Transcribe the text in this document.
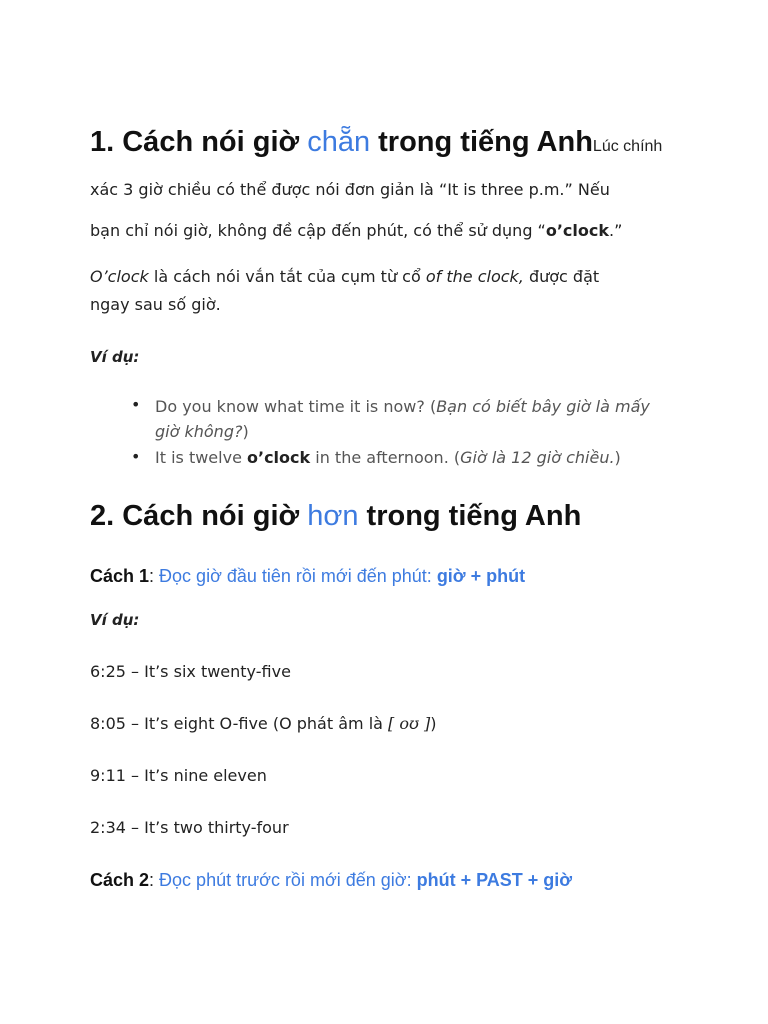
1. Cách nói giờ chẵn trong tiếng AnhLúc chính
xác 3 giờ chiều có thể được nói đơn giản là “It is three p.m.” Nếu
bạn chỉ nói giờ, không đề cập đến phút, có thể sử dụng “o’clock.”
O’clock là cách nói vắn tắt của cụm từ cổ of the clock, được đặt
ngay sau số giờ.
Ví dụ:
• Do you know what time it is now? (Bạn có biết bây giờ là mấy
giờ không?)
• It is twelve o’clock in the afternoon. (Giờ là 12 giờ chiều.)
2. Cách nói giờ hơn trong tiếng Anh
Cách 1: Đọc giờ đầu tiên rồi mới đến phút: giờ + phút
Ví dụ:
6:25 – It’s six twenty-five
8:05 – It’s eight O-five (O phát âm là [ oʊ ])
9:11 – It’s nine eleven
2:34 – It’s two thirty-four
Cách 2: Đọc phút trước rồi mới đến giờ: phút + PAST + giờ
